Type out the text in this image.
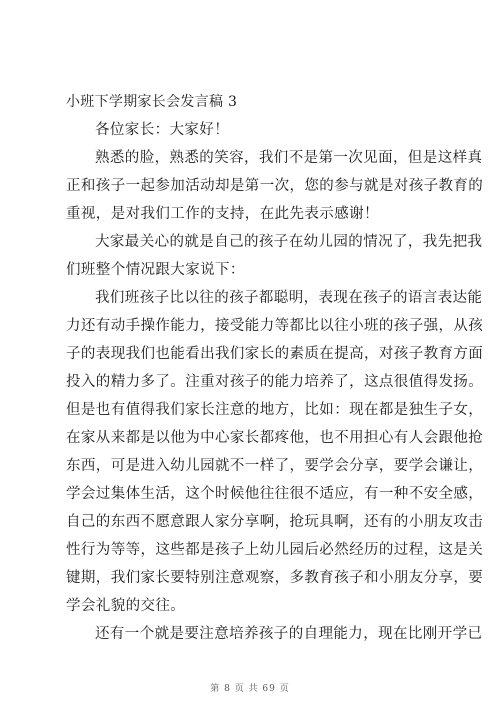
小班下学期家长会发言稿 3
各位家长：大家好！
熟悉的脸，熟悉的笑容，我们不是第一次见面，但是这样真
正和孩子一起参加活动却是第一次，您的参与就是对孩子教育的
重视，是对我们工作的支持，在此先表示感谢！
大家最关心的就是自己的孩子在幼儿园的情况了，我先把我
们班整个情况跟大家说下：
我们班孩子比以往的孩子都聪明，表现在孩子的语言表达能
力还有动手操作能力，接受能力等都比以往小班的孩子强，从孩
子的表现我们也能看出我们家长的素质在提高，对孩子教育方面
投入的精力多了。注重对孩子的能力培养了，这点很值得发扬。
但是也有值得我们家长注意的地方，比如：现在都是独生子女，
在家从来都是以他为中心家长都疼他，也不用担心有人会跟他抢
东西，可是进入幼儿园就不一样了，要学会分享，要学会谦让，
学会过集体生活，这个时候他往往很不适应，有一种不安全感，
自己的东西不愿意跟人家分享啊，抢玩具啊，还有的小朋友攻击
性行为等等，这些都是孩子上幼儿园后必然经历的过程，这是关
键期，我们家长要特别注意观察，多教育孩子和小朋友分享，要
学会礼貌的交往。
还有一个就是要注意培养孩子的自理能力，现在比刚开学已
第 8 页 共 69 页
